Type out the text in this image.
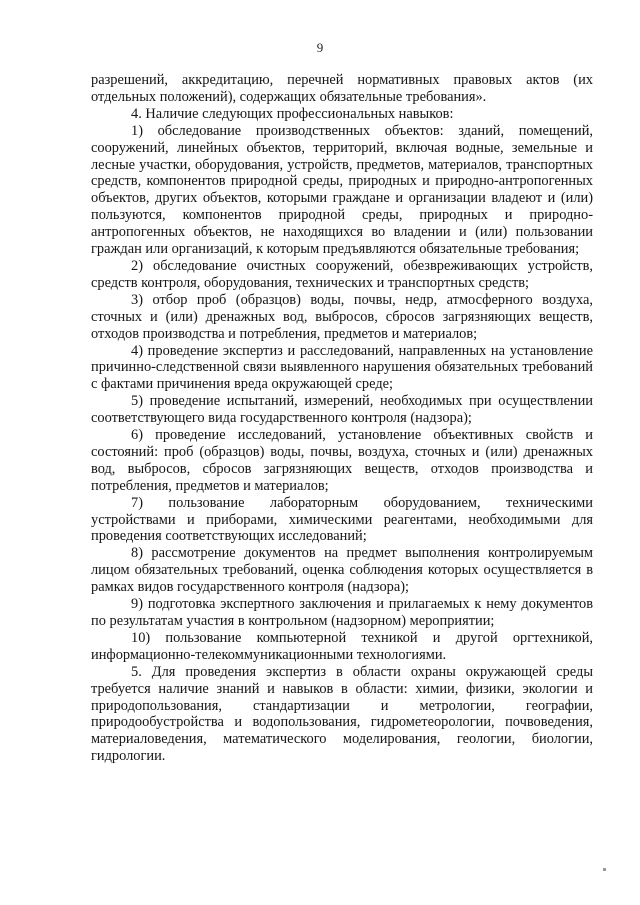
9

разрешений, аккредитацию, перечней нормативных правовых актов (их отдельных положений), содержащих обязательные требования».

4. Наличие следующих профессиональных навыков:

1) обследование производственных объектов: зданий, помещений, сооружений, линейных объектов, территорий, включая водные, земельные и лесные участки, оборудования, устройств, предметов, материалов, транспортных средств, компонентов природной среды, природных и природно-антропогенных объектов, других объектов, которыми граждане и организации владеют и (или) пользуются, компонентов природной среды, природных и природно-антропогенных объектов, не находящихся во владении и (или) пользовании граждан или организаций, к которым предъявляются обязательные требования;

2) обследование очистных сооружений, обезвреживающих устройств, средств контроля, оборудования, технических и транспортных средств;

3) отбор проб (образцов) воды, почвы, недр, атмосферного воздуха, сточных и (или) дренажных вод, выбросов, сбросов загрязняющих веществ, отходов производства и потребления, предметов и материалов;

4) проведение экспертиз и расследований, направленных на установление причинно-следственной связи выявленного нарушения обязательных требований с фактами причинения вреда окружающей среде;

5) проведение испытаний, измерений, необходимых при осуществлении соответствующего вида государственного контроля (надзора);

6) проведение исследований, установление объективных свойств и состояний: проб (образцов) воды, почвы, воздуха, сточных и (или) дренажных вод, выбросов, сбросов загрязняющих веществ, отходов производства и потребления, предметов и материалов;

7) пользование лабораторным оборудованием, техническими устройствами и приборами, химическими реагентами, необходимыми для проведения соответствующих исследований;

8) рассмотрение документов на предмет выполнения контролируемым лицом обязательных требований, оценка соблюдения которых осуществляется в рамках видов государственного контроля (надзора);

9) подготовка экспертного заключения и прилагаемых к нему документов по результатам участия в контрольном (надзорном) мероприятии;

10) пользование компьютерной техникой и другой оргтехникой, информационно-телекоммуникационными технологиями.

5. Для проведения экспертиз в области охраны окружающей среды требуется наличие знаний и навыков в области: химии, физики, экологии и природопользования, стандартизации и метрологии, географии, природообустройства и водопользования, гидрометеорологии, почвоведения, материаловедения, математического моделирования, геологии, биологии, гидрологии.
